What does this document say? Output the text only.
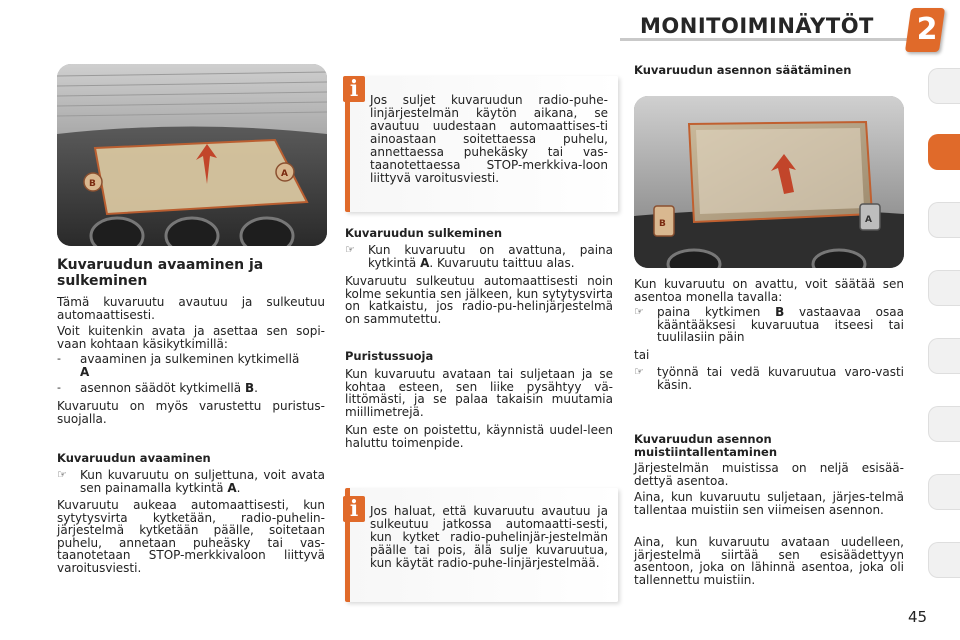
MONITOIMINÄYTÖT 2
B
A
Kuvaruudun avaaminen ja sulkeminen
Tämä kuvaruutu avautuu ja sulkeutuu automaattisesti.
Voit kuitenkin avata ja asettaa sen sopi-vaan kohtaan käsikytkimillä:
- avaaminen ja sulkeminen kytkimellä
A
- asennon säädöt kytkimellä B.
Kuvaruutu on myös varustettu puristus-suojalla.
Kuvaruudun avaaminen
☞ Kun kuvaruutu on suljettuna, voit avata sen painamalla kytkintä A.
Kuvaruutu aukeaa automaattisesti, kun sytytysvirta kytketään, radio-puhelin-järjestelmä kytketään päälle, soitetaan puhelu, annetaan puheäsky tai vas-taanotetaan STOP-merkkivaloon liittyvä varoitusviesti.
i Jos suljet kuvaruudun radio-puhe-linjärjestelmän käytön aikana, se avautuu uudestaan automaattises-ti ainoastaan soitettaessa puhelu, annettaessa puhekäsky tai vas-taanotettaessa STOP-merkkiva-loon liittyvä varoitusviesti.
Kuvaruudun sulkeminen
☞ Kun kuvaruutu on avattuna, paina kytkintä A. Kuvaruutu taittuu alas.
Kuvaruutu sulkeutuu automaattisesti noin kolme sekuntia sen jälkeen, kun sytytysvirta on katkaistu, jos radio-pu-helinjärjestelmä on sammutettu.
Puristussuoja
Kun kuvaruutu avataan tai suljetaan ja se kohtaa esteen, sen liike pysähtyy vä-littömästi, ja se palaa takaisin muutamia miillimetrejä.
Kun este on poistettu, käynnistä uudel-leen haluttu toimenpide.
i Jos haluat, että kuvaruutu avautuu ja sulkeutuu jatkossa automaatti-sesti, kun kytket radio-puhelinjär-jestelmän päälle tai pois, älä sulje kuvaruutua, kun käytät radio-puhe-linjärjestelmää.
Kuvaruudun asennon säätäminen
B	A
Kun kuvaruutu on avattu, voit säätää sen asentoa monella tavalla:
☞ paina kytkimen B vastaavaa osaa kääntääksesi kuvaruutua itseesi tai tuulilasiin päin
tai
☞ työnnä tai vedä kuvaruutua varo-vasti käsin.
Kuvaruudun asennon muistiintallentaminen
Järjestelmän muistissa on neljä esisää-dettyä asentoa.
Aina, kun kuvaruutu suljetaan, järjes-telmä tallentaa muistiin sen viimeisen asennon.
Aina, kun kuvaruutu avataan uudelleen, järjestelmä siirtää sen esisäädettyyn asentoon, joka on lähinnä asentoa, joka oli tallennettu muistiin.
45
